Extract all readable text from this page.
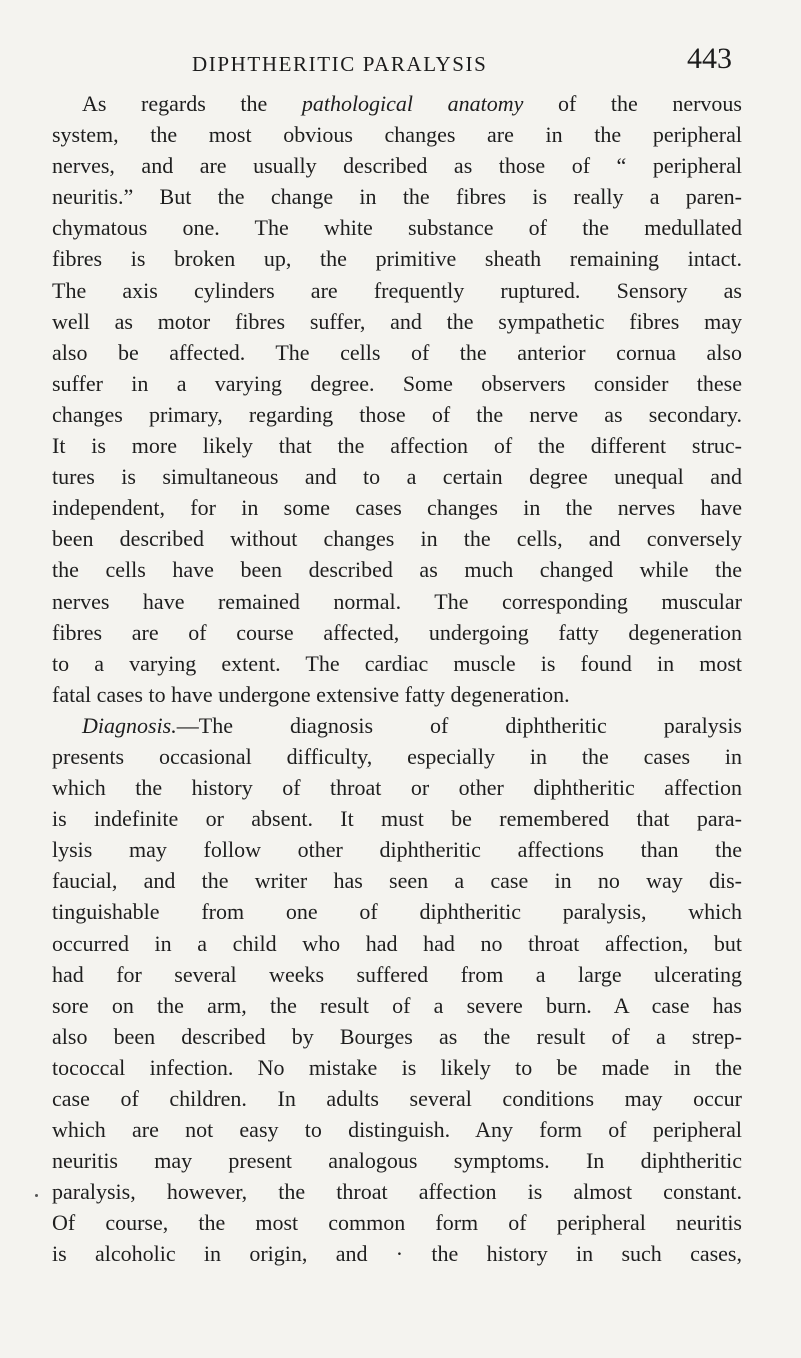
DIPHTHERITIC PARALYSIS	443
As regards the pathological anatomy of the nervous
system, the most obvious changes are in the peripheral
nerves, and are usually described as those of “ peripheral
neuritis.” But the change in the fibres is really a paren-
chymatous one. The white substance of the medullated
fibres is broken up, the primitive sheath remaining intact.
The axis cylinders are frequently ruptured. Sensory as
well as motor fibres suffer, and the sympathetic fibres may
also be affected. The cells of the anterior cornua also
suffer in a varying degree. Some observers consider these
changes primary, regarding those of the nerve as secondary.
It is more likely that the affection of the different struc-
tures is simultaneous and to a certain degree unequal and
independent, for in some cases changes in the nerves have
been described without changes in the cells, and conversely
the cells have been described as much changed while the
nerves have remained normal. The corresponding muscular
fibres are of course affected, undergoing fatty degeneration
to a varying extent. The cardiac muscle is found in most
fatal cases to have undergone extensive fatty degeneration.
Diagnosis.—The diagnosis of diphtheritic paralysis
presents occasional difficulty, especially in the cases in
which the history of throat or other diphtheritic affection
is indefinite or absent. It must be remembered that para-
lysis may follow other diphtheritic affections than the
faucial, and the writer has seen a case in no way dis-
tinguishable from one of diphtheritic paralysis, which
occurred in a child who had had no throat affection, but
had for several weeks suffered from a large ulcerating
sore on the arm, the result of a severe burn. A case has
also been described by Bourges as the result of a strep-
tococcal infection. No mistake is likely to be made in the
case of children. In adults several conditions may occur
which are not easy to distinguish. Any form of peripheral
neuritis may present analogous symptoms. In diphtheritic
paralysis, however, the throat affection is almost constant.
Of course, the most common form of peripheral neuritis
is alcoholic in origin, and · the history in such cases,
